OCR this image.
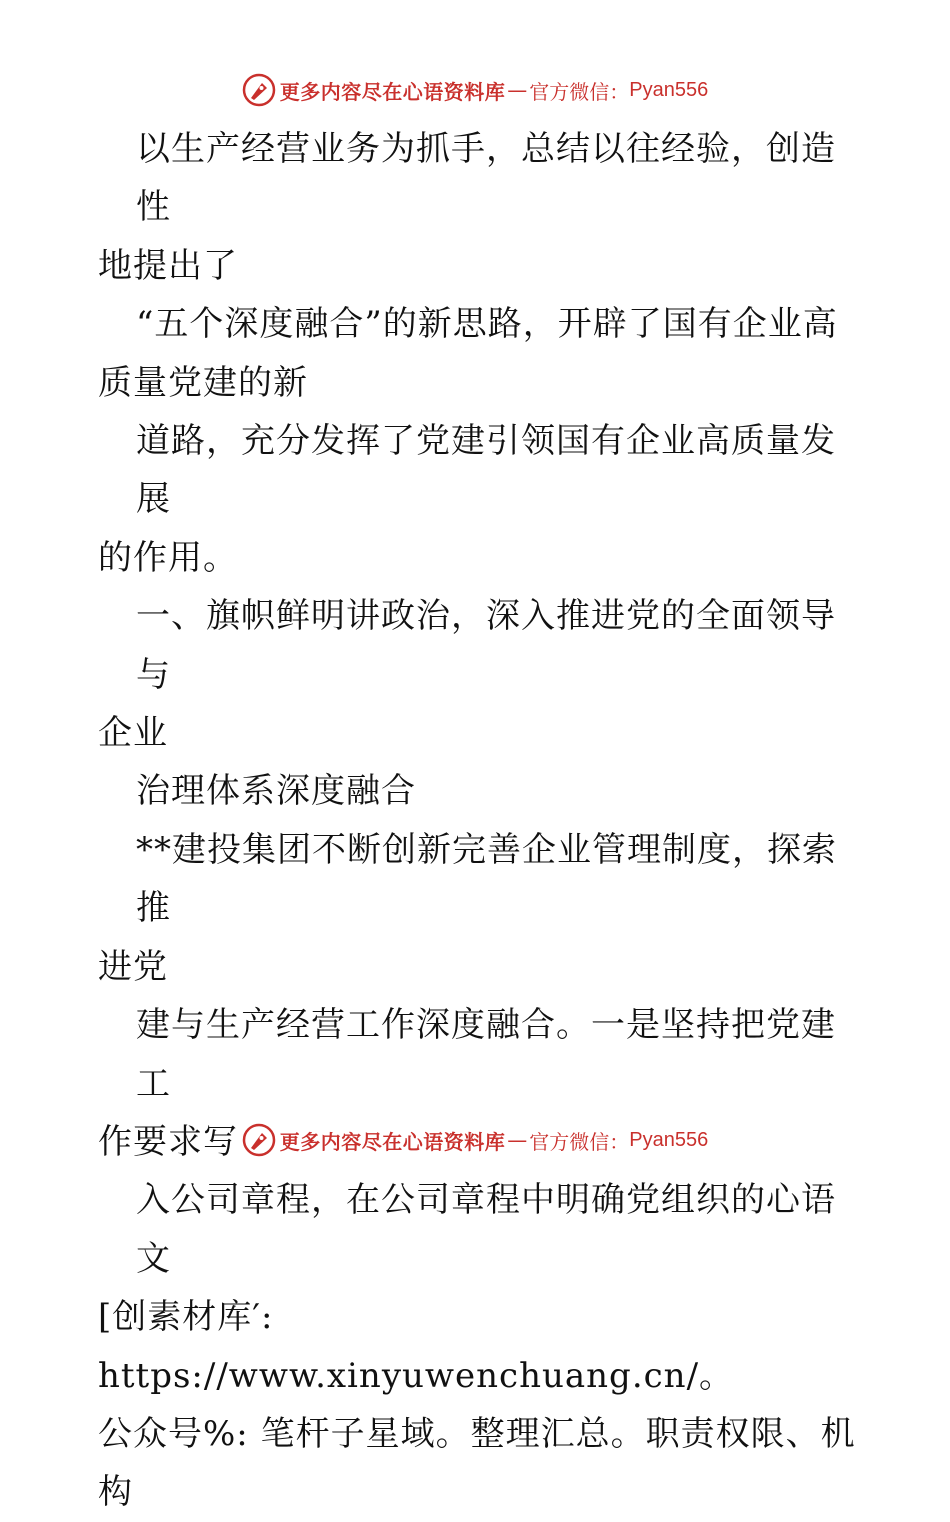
更多内容尽在心语资料库 — 官方微信： Pyan556

以生产经营业务为抓手，总结以往经验，创造性

地提出了

“五个深度融合”的新思路，开辟了国有企业高

质量党建的新

道路，充分发挥了党建引领国有企业高质量发展

的作用。

一、旗帜鲜明讲政治，深入推进党的全面领导与

企业

治理体系深度融合

**建投集团不断创新完善企业管理制度，探索推

进党

建与生产经营工作深度融合。一是坚持把党建工

作要求写

入公司章程，在公司章程中明确党组织的心语文

[创素材库′: https://www.xinyuwenchuang.cn/。

公众号%: 笔杆子星域。整理汇总。职责权限、机

构

更多内容尽在心语资料库 — 官方微信： Pyan556
